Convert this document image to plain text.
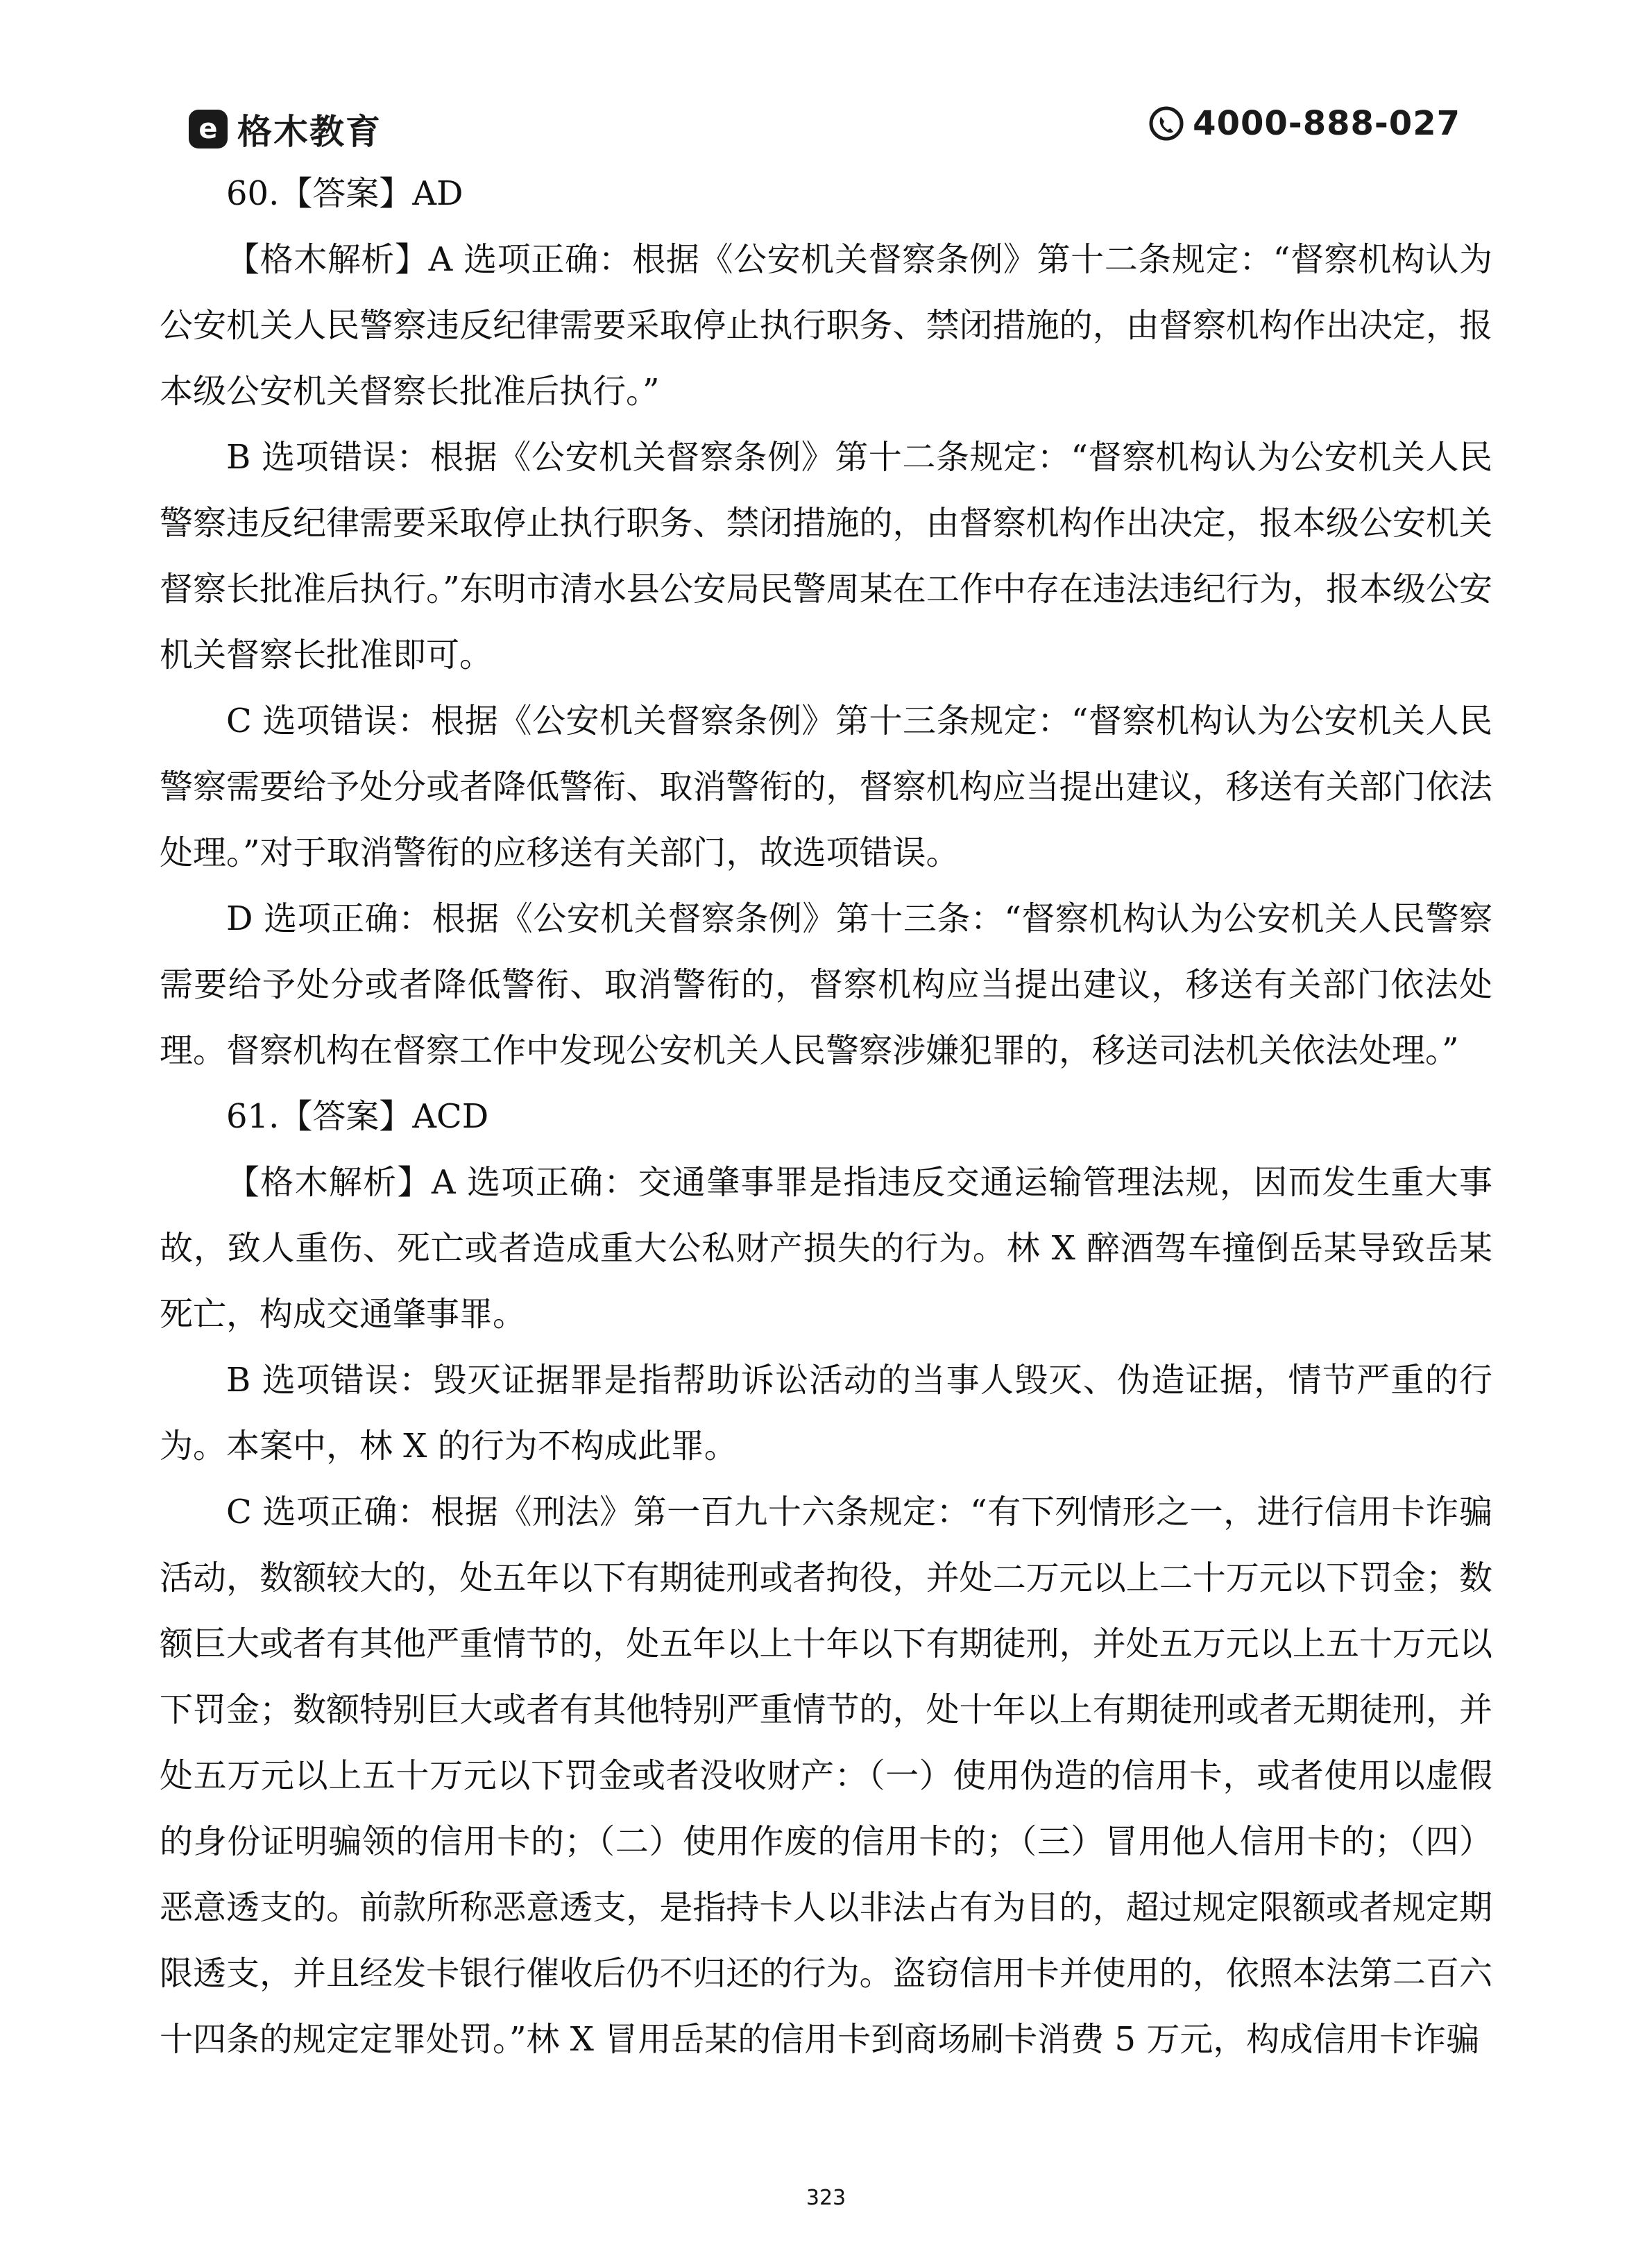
e 格木教育	4000-888-027

60.【答案】AD

【格木解析】A 选项正确：根据《公安机关督察条例》第十二条规定：“督察机构认为公安机关人民警察违反纪律需要采取停止执行职务、禁闭措施的，由督察机构作出决定，报本级公安机关督察长批准后执行。”

B 选项错误：根据《公安机关督察条例》第十二条规定：“督察机构认为公安机关人民警察违反纪律需要采取停止执行职务、禁闭措施的，由督察机构作出决定，报本级公安机关督察长批准后执行。”东明市清水县公安局民警周某在工作中存在违法违纪行为，报本级公安机关督察长批准即可。

C 选项错误：根据《公安机关督察条例》第十三条规定：“督察机构认为公安机关人民警察需要给予处分或者降低警衔、取消警衔的，督察机构应当提出建议，移送有关部门依法处理。”对于取消警衔的应移送有关部门，故选项错误。

D 选项正确：根据《公安机关督察条例》第十三条：“督察机构认为公安机关人民警察需要给予处分或者降低警衔、取消警衔的，督察机构应当提出建议，移送有关部门依法处理。督察机构在督察工作中发现公安机关人民警察涉嫌犯罪的，移送司法机关依法处理。”

61.【答案】ACD

【格木解析】A 选项正确：交通肇事罪是指违反交通运输管理法规，因而发生重大事故，致人重伤、死亡或者造成重大公私财产损失的行为。林 X 醉酒驾车撞倒岳某导致岳某死亡，构成交通肇事罪。

B 选项错误：毁灭证据罪是指帮助诉讼活动的当事人毁灭、伪造证据，情节严重的行为。本案中，林 X 的行为不构成此罪。

C 选项正确：根据《刑法》第一百九十六条规定：“有下列情形之一，进行信用卡诈骗活动，数额较大的，处五年以下有期徒刑或者拘役，并处二万元以上二十万元以下罚金；数额巨大或者有其他严重情节的，处五年以上十年以下有期徒刑，并处五万元以上五十万元以下罚金；数额特别巨大或者有其他特别严重情节的，处十年以上有期徒刑或者无期徒刑，并处五万元以上五十万元以下罚金或者没收财产：（一）使用伪造的信用卡，或者使用以虚假的身份证明骗领的信用卡的；（二）使用作废的信用卡的；（三）冒用他人信用卡的；（四）恶意透支的。前款所称恶意透支，是指持卡人以非法占有为目的，超过规定限额或者规定期限透支，并且经发卡银行催收后仍不归还的行为。盗窃信用卡并使用的，依照本法第二百六十四条的规定定罪处罚。”林 X 冒用岳某的信用卡到商场刷卡消费 5 万元，构成信用卡诈骗

323
